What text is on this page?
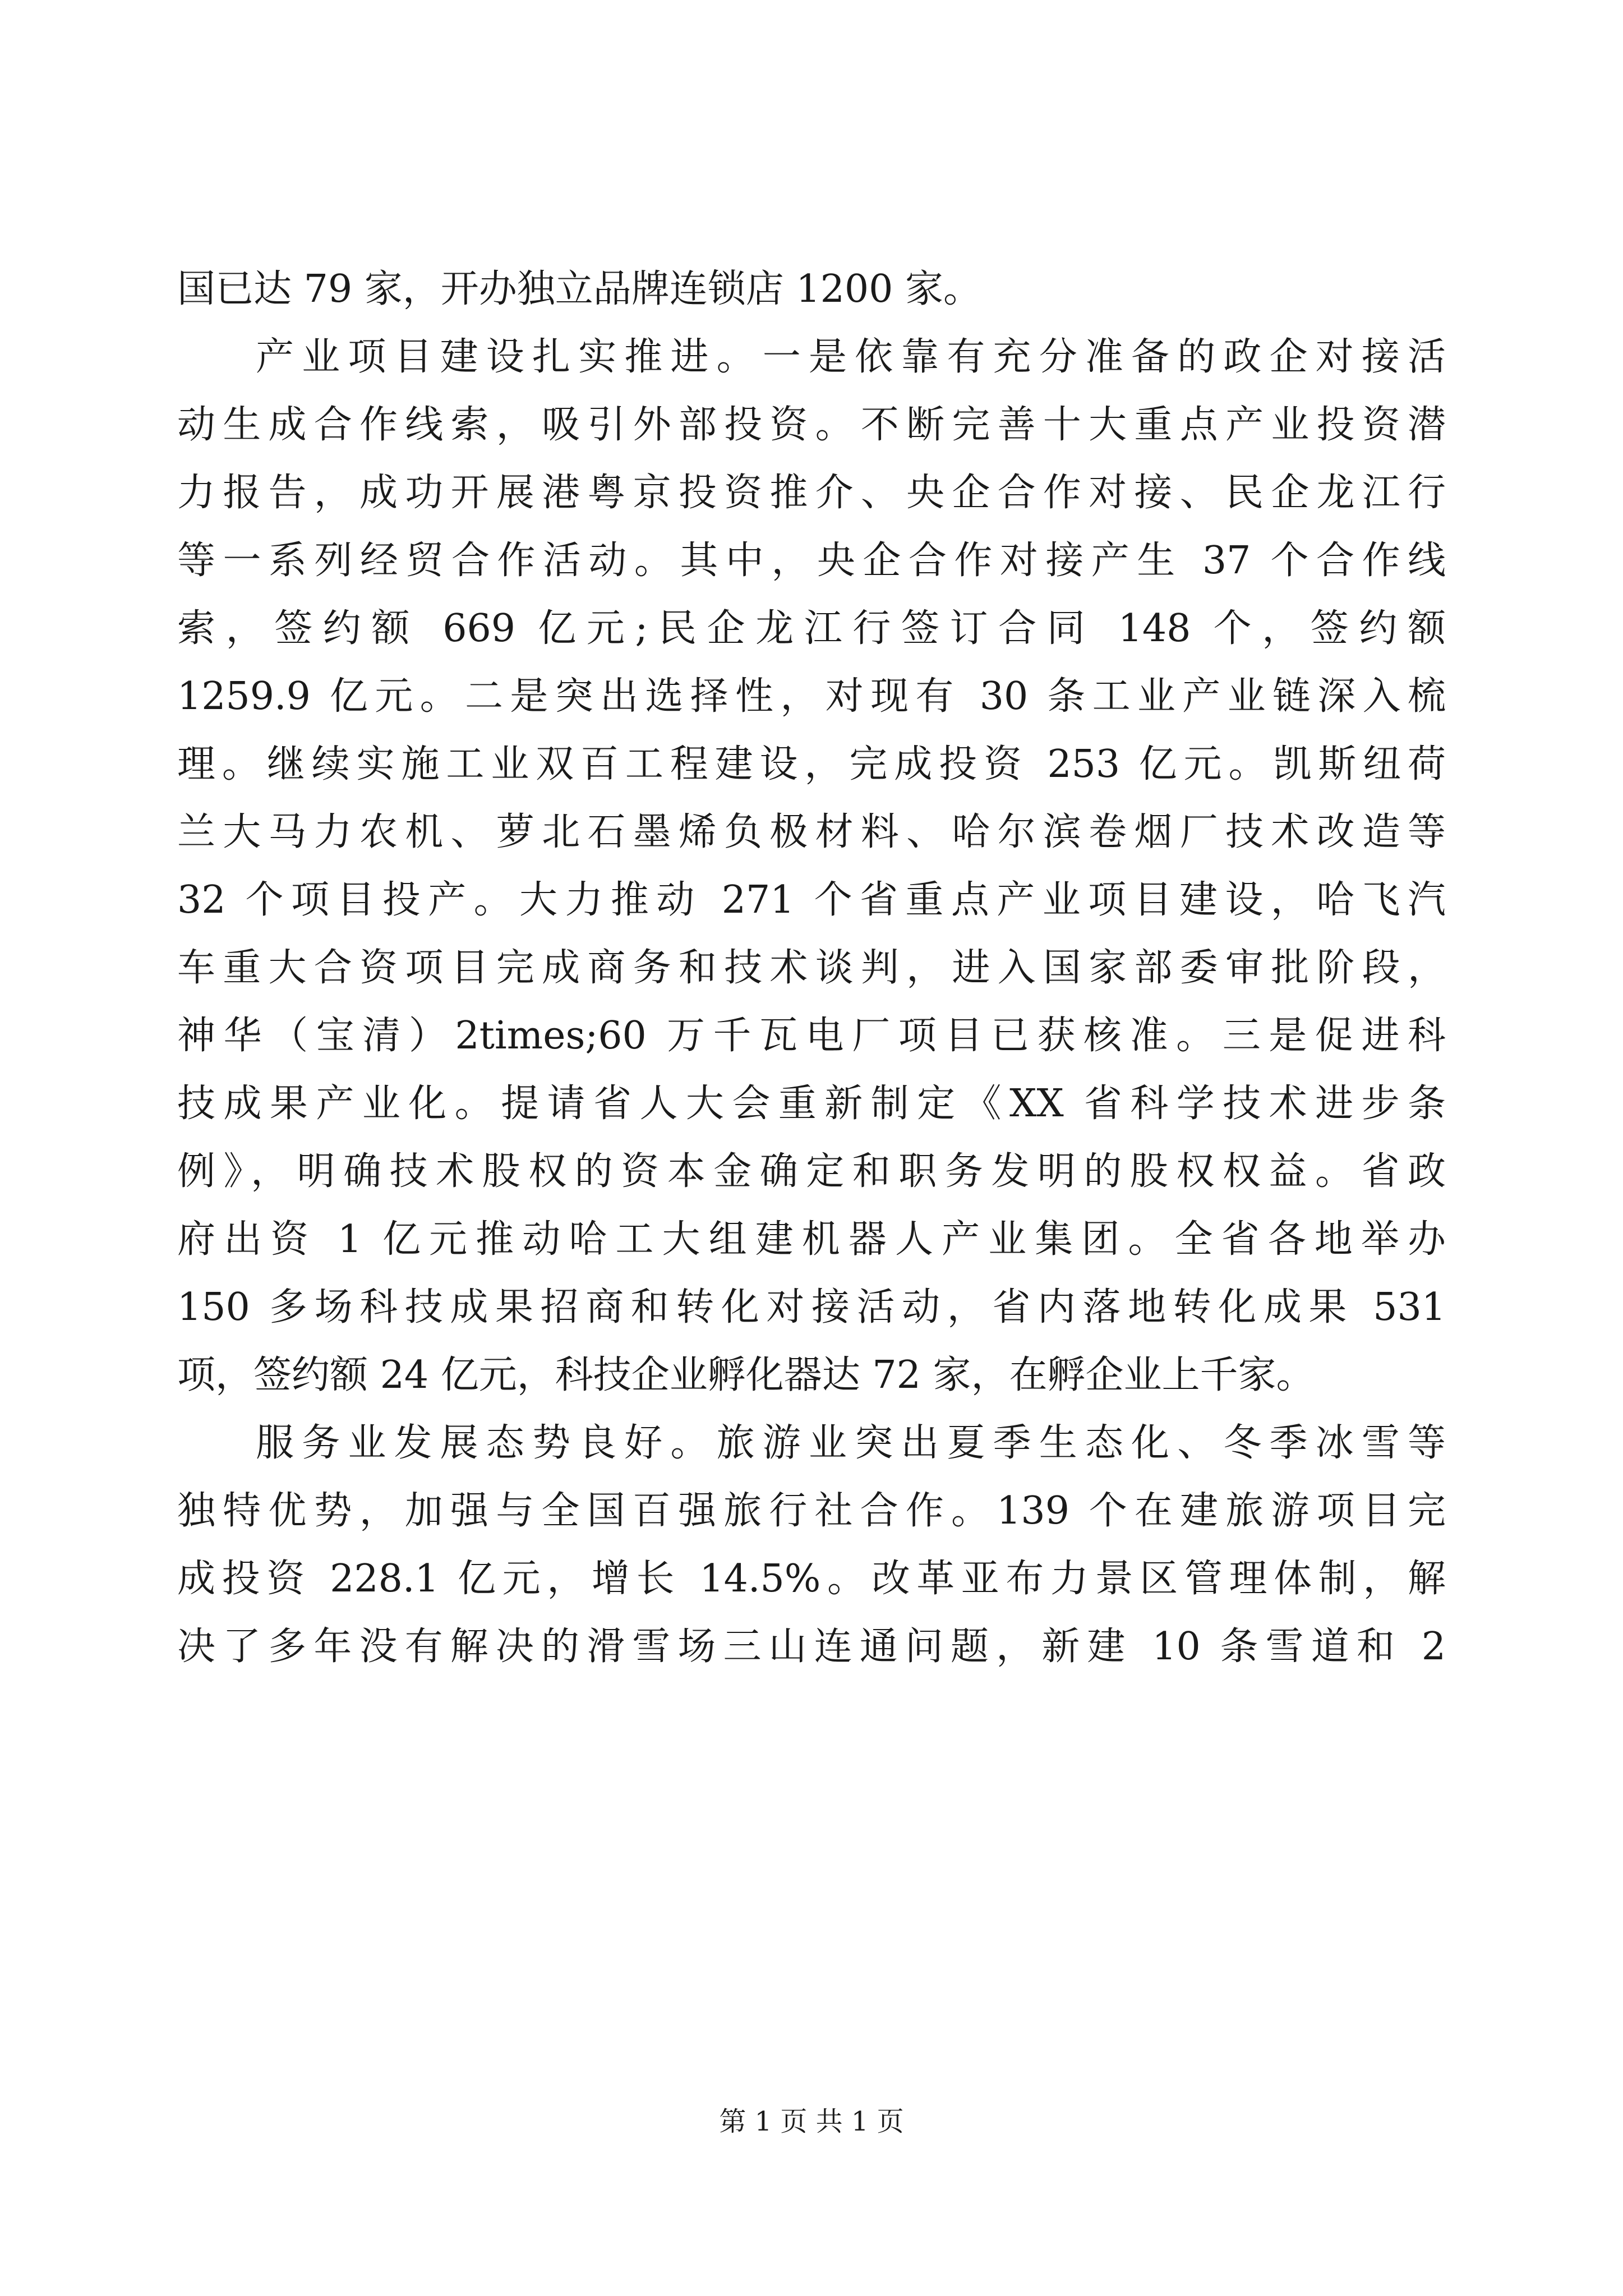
国已达 79 家，开办独立品牌连锁店 1200 家。
产业项目建设扎实推进。一是依靠有充分准备的政企对接活
动生成合作线索，吸引外部投资。不断完善十大重点产业投资潜
力报告，成功开展港粤京投资推介、央企合作对接、民企龙江行
等一系列经贸合作活动。其中，央企合作对接产生 37 个合作线
索，签约额 669 亿元;民企龙江行签订合同 148 个，签约额
1259.9 亿元。二是突出选择性，对现有 30 条工业产业链深入梳
理。继续实施工业双百工程建设，完成投资 253 亿元。凯斯纽荷
兰大马力农机、萝北石墨烯负极材料、哈尔滨卷烟厂技术改造等
32 个项目投产。大力推动 271 个省重点产业项目建设，哈飞汽
车重大合资项目完成商务和技术谈判，进入国家部委审批阶段，
神华（宝清）2times;60 万千瓦电厂项目已获核准。三是促进科
技成果产业化。提请省人大会重新制定《XX 省科学技术进步条
例》，明确技术股权的资本金确定和职务发明的股权权益。省政
府出资 1 亿元推动哈工大组建机器人产业集团。全省各地举办
150 多场科技成果招商和转化对接活动，省内落地转化成果 531
项，签约额 24 亿元，科技企业孵化器达 72 家，在孵企业上千家。
服务业发展态势良好。旅游业突出夏季生态化、冬季冰雪等
独特优势，加强与全国百强旅行社合作。139 个在建旅游项目完
成投资 228.1 亿元，增长 14.5%。改革亚布力景区管理体制，解
决了多年没有解决的滑雪场三山连通问题，新建 10 条雪道和 2
第 1 页 共 1 页
